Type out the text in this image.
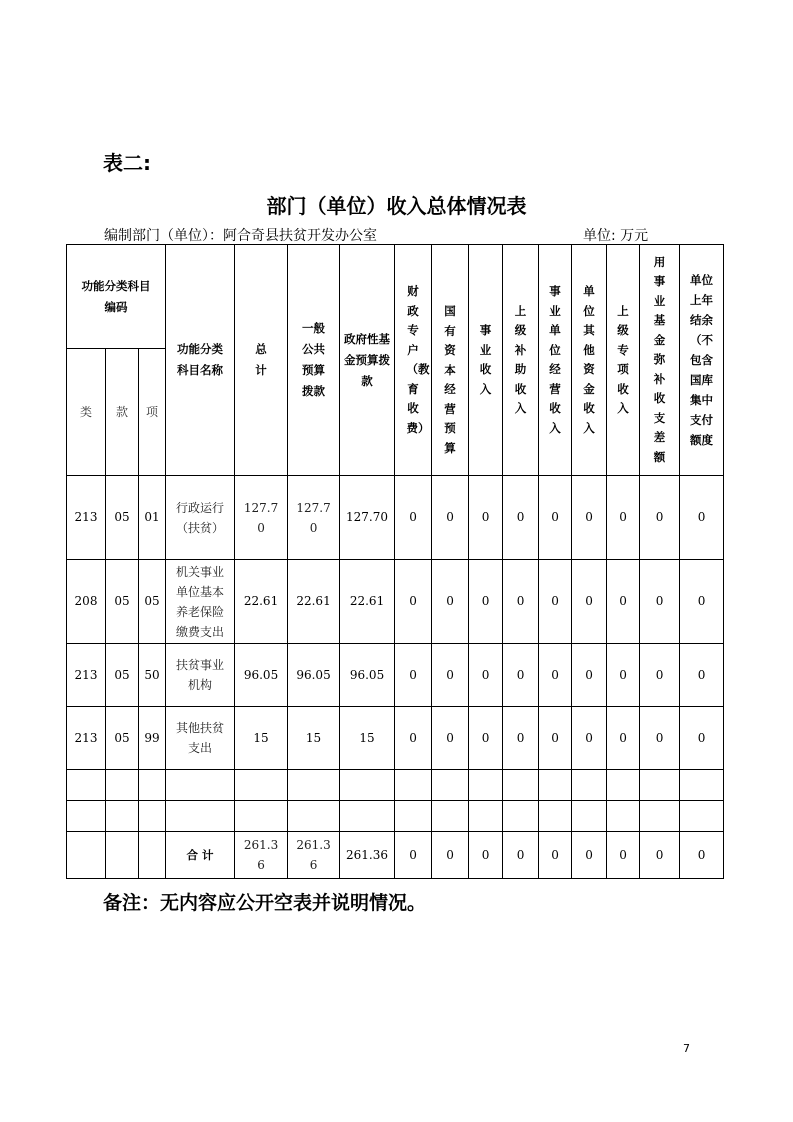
表二:
部门（单位）收入总体情况表
编制部门（单位）：阿合奇县扶贫开发办公室	单位: 万元
功能分类科目编码			功能分类科目名称	总计	一般公共预算拨款	政府性基金预算拨款	财政专户（教育收费）	国有资本经营预算	事业收入	上级补助收入	事业单位经营收入	单位其他资金收入	上级专项收入	用事业基金弥补收支差额	单位上年结余（不包含国库集中支付额度
类	款	项													
213	05	01	行政运行（扶贫）	127.70	127.70	127.70	0	0	0	0	0	0	0	0	0
208	05	05	机关事业单位基本养老保险缴费支出	22.61	22.61	22.61	0	0	0	0	0	0	0	0	0
213	05	50	扶贫事业机构	96.05	96.05	96.05	0	0	0	0	0	0	0	0	0
213	05	99	其他扶贫支出	15	15	15	0	0	0	0	0	0	0	0	0

			合 计	261.36	261.36	261.36	0	0	0	0	0	0	0	0	0
备注：无内容应公开空表并说明情况。
7
